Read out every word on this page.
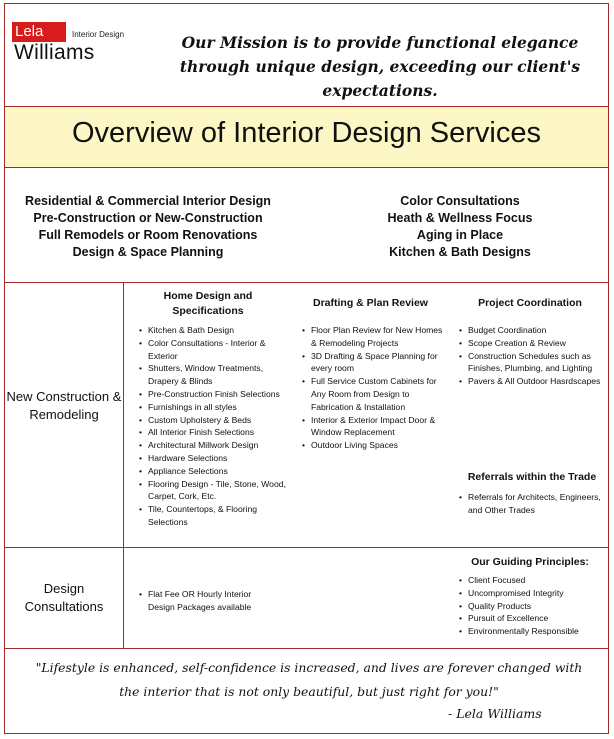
Lela	Interior Design
Williams	Our Mission is to provide functional elegance through unique design, exceeding our client's expectations.
Overview of Interior Design Services
Residential & Commercial Interior Design
Pre-Construction or New-Construction
Full Remodels or Room Renovations
Design & Space Planning
Color Consultations
Heath & Wellness Focus
Aging in Place
Kitchen & Bath Designs
New Construction & Remodeling
Design Consultations
Home Design and Specifications
• Kitchen & Bath Design
• Color Consultations - Interior & Exterior
• Shutters, Window Treatments, Drapery & Blinds
• Pre-Construction Finish Selections
• Furnishings in all styles
• Custom Upholstery & Beds
• All Interior Finish Selections
• Architectural Millwork Design
• Hardware Selections
• Appliance Selections
• Flooring Design - Tile, Stone, Wood, Carpet, Cork, Etc.
• Tile, Countertops, & Flooring Selections
Drafting & Plan Review
• Floor Plan Review for New Homes & Remodeling Projects
• 3D Drafting & Space Planning for every room
• Full Service Custom Cabinets for Any Room from Design to Fabrication & Installation
• Interior & Exterior Impact Door & Window Replacement
• Outdoor Living Spaces
Project Coordination
• Budget Coordination
• Scope Creation & Review
• Construction Schedules such as Finishes, Plumbing, and Lighting
• Pavers & All Outdoor Hasrdscapes
Referrals within the Trade
• Referrals for Architects, Engineers, and Other Trades
• Flat Fee OR Hourly Interior Design Packages available
Our Guiding Principles:
• Client Focused
• Uncompromised Integrity
• Quality Products
• Pursuit of Excellence
• Environmentally Responsible
"Lifestyle is enhanced, self-confidence is increased, and lives are forever changed with the interior that is not only beautiful, but just right for you!"
- Lela Williams
